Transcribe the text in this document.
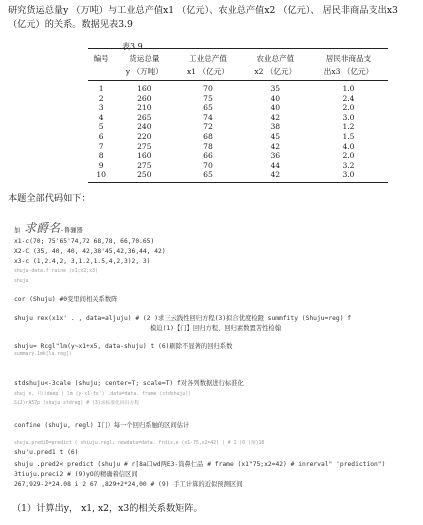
研究货运总量y （万吨）与工业总产值x1 （亿元）、农业总产值x2 （亿元）、 居民非商品支出x3
（亿元）的关系。数据见表3.9
表3.9
编号	货运总量	工业总产值	农业总产值	居民非商品支
	y （万吨）	x1 （亿元）	x2 （亿元）	出x3 （亿元）
1	160	70	35	1.0
2	260	75	40	2.4
3	210	65	40	2.0
4	265	74	42	3.0
5	240	72	38	1.2
6	220	68	45	1.5
7	275	78	42	4.0
8	160	66	36	2.0
9	275	70	44	3.2
10	250	65	42	3.0
本题全部代码如下：
加 求爵名-鲁骊器
x1-c(70; 75'65'74,72 68,78, 66,70.65)
X2-C (35, 40, 40, 42,38'45,42,36,44, 42)
x3-c (1,2.4,2, 3,1.2,1.5,4,2,3)2, 3)
shuju-data.f raine (x1;x2;x3)
shuju
cor (Shuju) #0变里间相关系数阵
shuju rex(x1x' . , data=aljuju) # (2 )求三云践性回归方程(3)拟合优度检蹬 summfity (Shuju=reg) f
模迫(1)【门】回归方程、回归素数置苫性检翰
shuju= Rcgl"lm(y~x1+x5, data-shuju) t (6)刷除不显著的回归系数
summary.1mk[lu.reg])
stdshuju<-3cale (shuju; center=T; scale=T) f对各列数据进行标准化
shuj n, 只口deep ( lm (y-x1-fx') .data=data. frame (stdshuju))
SiJ)rA57p (shuju stdreg) # (3)求标准化回归方程
confine (shuju, regl) I门）每一个回归系触的区间估计
shuju.prediD=predict ( shiuju.regl, newdata=data. frdis,e (x1-75,x2=42) ) # 1 )0 (预)10
shu'u.pred1 t (6)
shuju .pred2< predict (shuju # r[8a口wd两E3-筒鼻仁品 # frame (x1"75;x2=42) # inrerval" 'prediction")
3tiuju.preci2 # (9)yO的精确着信区间
267,929-2*24.08 i 2 67 ,829+2*24,00 # (9) 手工计算的近似预测区间
（1）计算出y， x1, x2，x3的相关系数矩阵。
